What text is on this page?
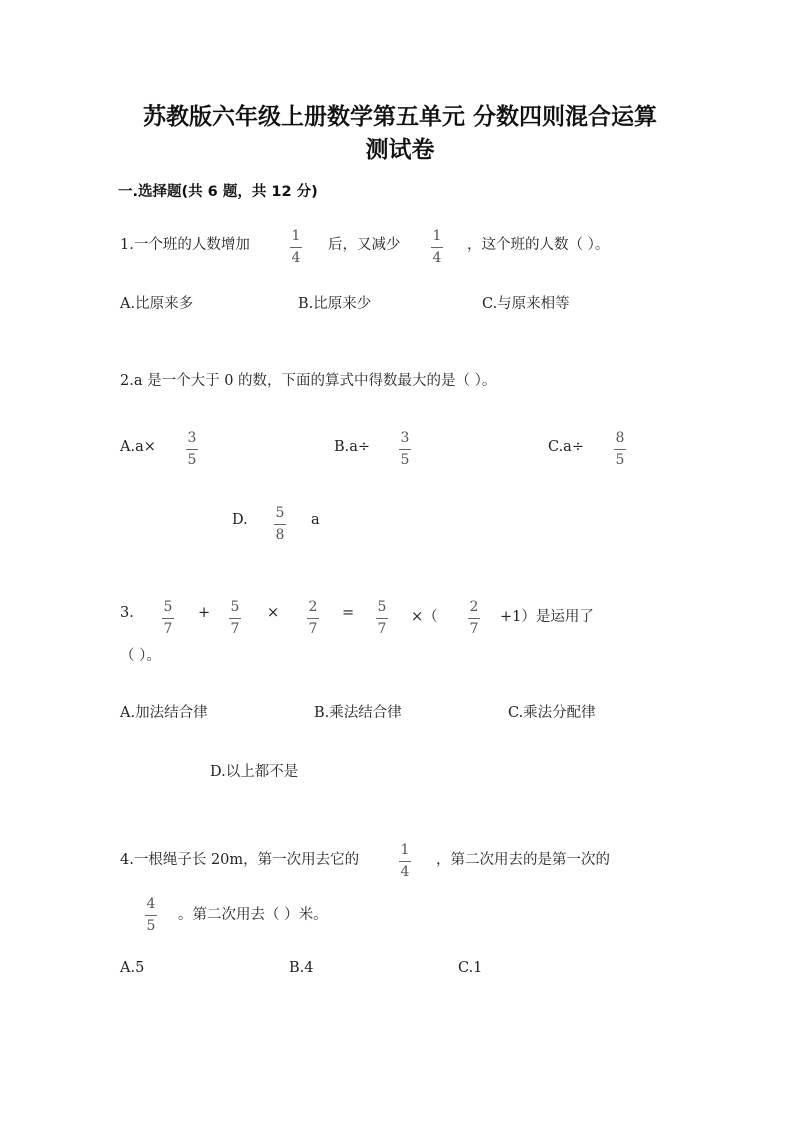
苏教版六年级上册数学第五单元 分数四则混合运算
测试卷
一.选择题(共 6 题，共 12 分)
1.一个班的人数增加
1
4
后，又减少
1
4
，这个班的人数（ ）。
A.比原来多	B.比原来少	C.与原来相等
2.a 是一个大于 0 的数，下面的算式中得数最大的是（ ）。
A.a×
3
5
B.a÷
3
5
C.a÷
8
5
D. 5
8
a
3. 5
7
+ 5
7
× 2
7
= 5
7
×（
2
7
+1）是运用了
（ ）。
A.加法结合律	B.乘法结合律	C.乘法分配律
D.以上都不是
4.一根绳子长 20m，第一次用去它的
1
4
，第二次用去的是第一次的
4
5
。第二次用去（ ）米。
A.5	B.4	C.1
